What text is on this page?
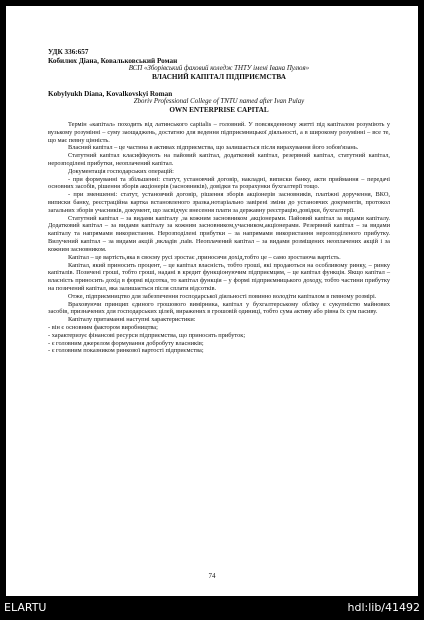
УДК 336:657
Кобилюх Діана, Ковальковський Роман
ВСП «Зборівський фаховий коледж ТНТУ імені Івана Пулюя»
ВЛАСНИЙ КАПІТАЛ ПІДПРИЄМСТВА
Kobylyukh Diana, Kovalkovskyi Roman
Zboriv Professional College of TNTU named after Ivan Pulay
OWN ENTERPRISE CAPITAL

Термін «капітал» походить від латинського capitalis – головний. У повсякденному житті під капіталом розуміють у вузькому розумінні – суму заощаджень, достатню для ведення підприємницької діяльності, а в широкому розумінні – все те, що має певну цінність.

Власний капітал – це частина в активах підприємства, що залишається після вирахування його зобов'язань.

Статутний капітал класифікують на пайовий капітал, додатковий капітал, резервний капітал, статутний капітал, нерозподілені прибутки, неоплачений капітал.

Документація господарських операцій:

- при формуванні та збільшенні: статут, установчий договір, накладні, виписки банку, акти приймання – передачі основних засобів, рішення зборів акціонерів (засновників), довідки та розрахунки бухгалтерії тощо.

- при зменшенні: статут, установчий договір, рішення зборів акціонерів засновників, платіжні доручення, ВКО, виписки банку, реєстраційна картка встановленого зразка,нотаріально завірені зміни до установчих документів, протокол загальних зборів учасників, документ, що засвідчує внесення плати за державну реєстрацію,довідки, бухгалтерії.

Статутний капітал – за видами капіталу ,за кожним засновником ,акціонерами. Пайовий капітал за видами капіталу. Додатковий капітал – за видами капіталу за кожним засновником,учасником,акціонерами. Резервний капітал – за видами капіталу та напрямами використання. Нерозподілені прибутки – за напрямами використання нерозподіленого прибутку. Вилучений капітал – за видами акцій ,вкладів ,паїв. Неоплачений капітал – за видами розміщених неоплачених акцій і за кожним засновником.

Капітал – це вартість,яка в своєму русі зростає ,приносячи дохід,тобто це – само зростаюча вартість.

Капітал, який приносить процент, – це капітал власність, тобто гроші, які продаються на особливому ринку, – ринку капіталів. Позичені гроші, тобто гроші, надані в кредит функціонуючим підприємцям, – це капітал функція. Якщо капітал – власність приносить дохід в формі відсотка, то капітал функція – у формі підприємницького доходу, тобто частини прибутку на позичений капітал, яка залишається після сплати відсотків.

Отже, підприємництво для забезпечення господарської діяльності повинно володіти капіталом в певному розмірі.

Враховуючи принцип єдиного грошового вимірника, капітал у бухгалтерському обліку є сукупністю майнових засобів, призначених для господарських цілей, виражених в грошовій одиниці, тобто сума активу або рівна їх сум пасиву.

Капіталу притаманні наступні характеристики:

- він є основним фактором виробництва;

- характеризує фінансові ресурси підприємства, що приносять прибуток;

- є головним джерелом формування добробуту власників;

- є головним показником ринкової вартості підприємства;

74
ELARTU	hdl:lib/41492
